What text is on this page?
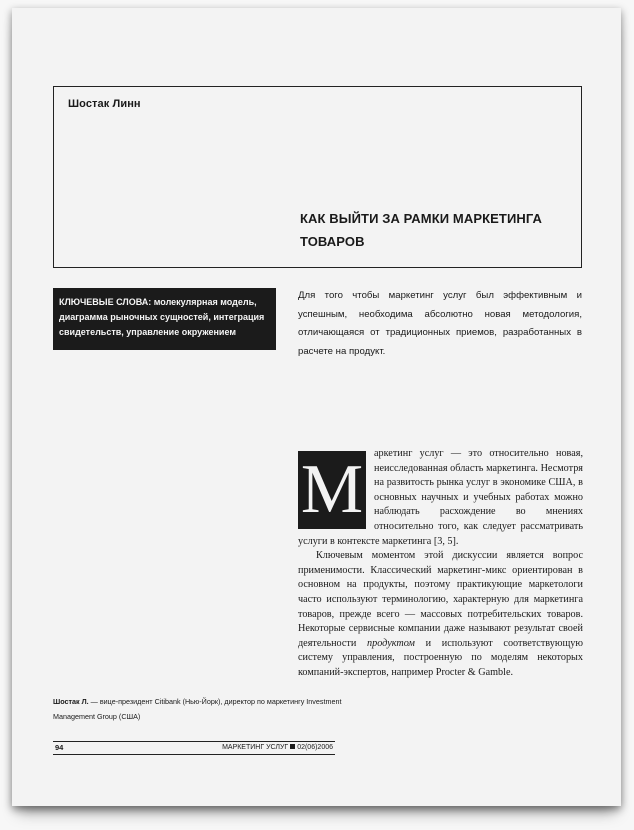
Шостак Линн
КАК ВЫЙТИ ЗА РАМКИ МАРКЕТИНГА ТОВАРОВ
КЛЮЧЕВЫЕ СЛОВА: молекулярная модель, диаграмма рыночных сущностей, интеграция свидетельств, управление окружением
Для того чтобы маркетинг услуг был эффективным и успешным, необходима абсолютно новая методология, отличающаяся от традиционных приемов, разработанных в расчете на продукт.
М	аркетинг услуг — это относительно новая, неисследованная область маркетинга. Несмотря на развитость рынка услуг в экономике США, в основных научных и учебных работах можно наблюдать расхождение во мнениях относительно того, как следует рассматривать услуги в контексте маркетинга [3, 5].

Ключевым моментом этой дискуссии является вопрос применимости. Классический маркетинг-микс ориентирован в основном на продукты, поэтому практикующие маркетологи часто используют терминологию, характерную для маркетинга товаров, прежде всего — массовых потребительских товаров. Некоторые сервисные компании даже называют результат своей деятельности продуктом и используют соответствующую систему управления, построенную по моделям некоторых компаний-экспертов, например Procter & Gamble.

Шостак Л. — вице-президент Citibank (Нью-Йорк), директор по маркетингу Investment Management Group (США)
94	МАРКЕТИНГ УСЛУГ 02(06)2006
